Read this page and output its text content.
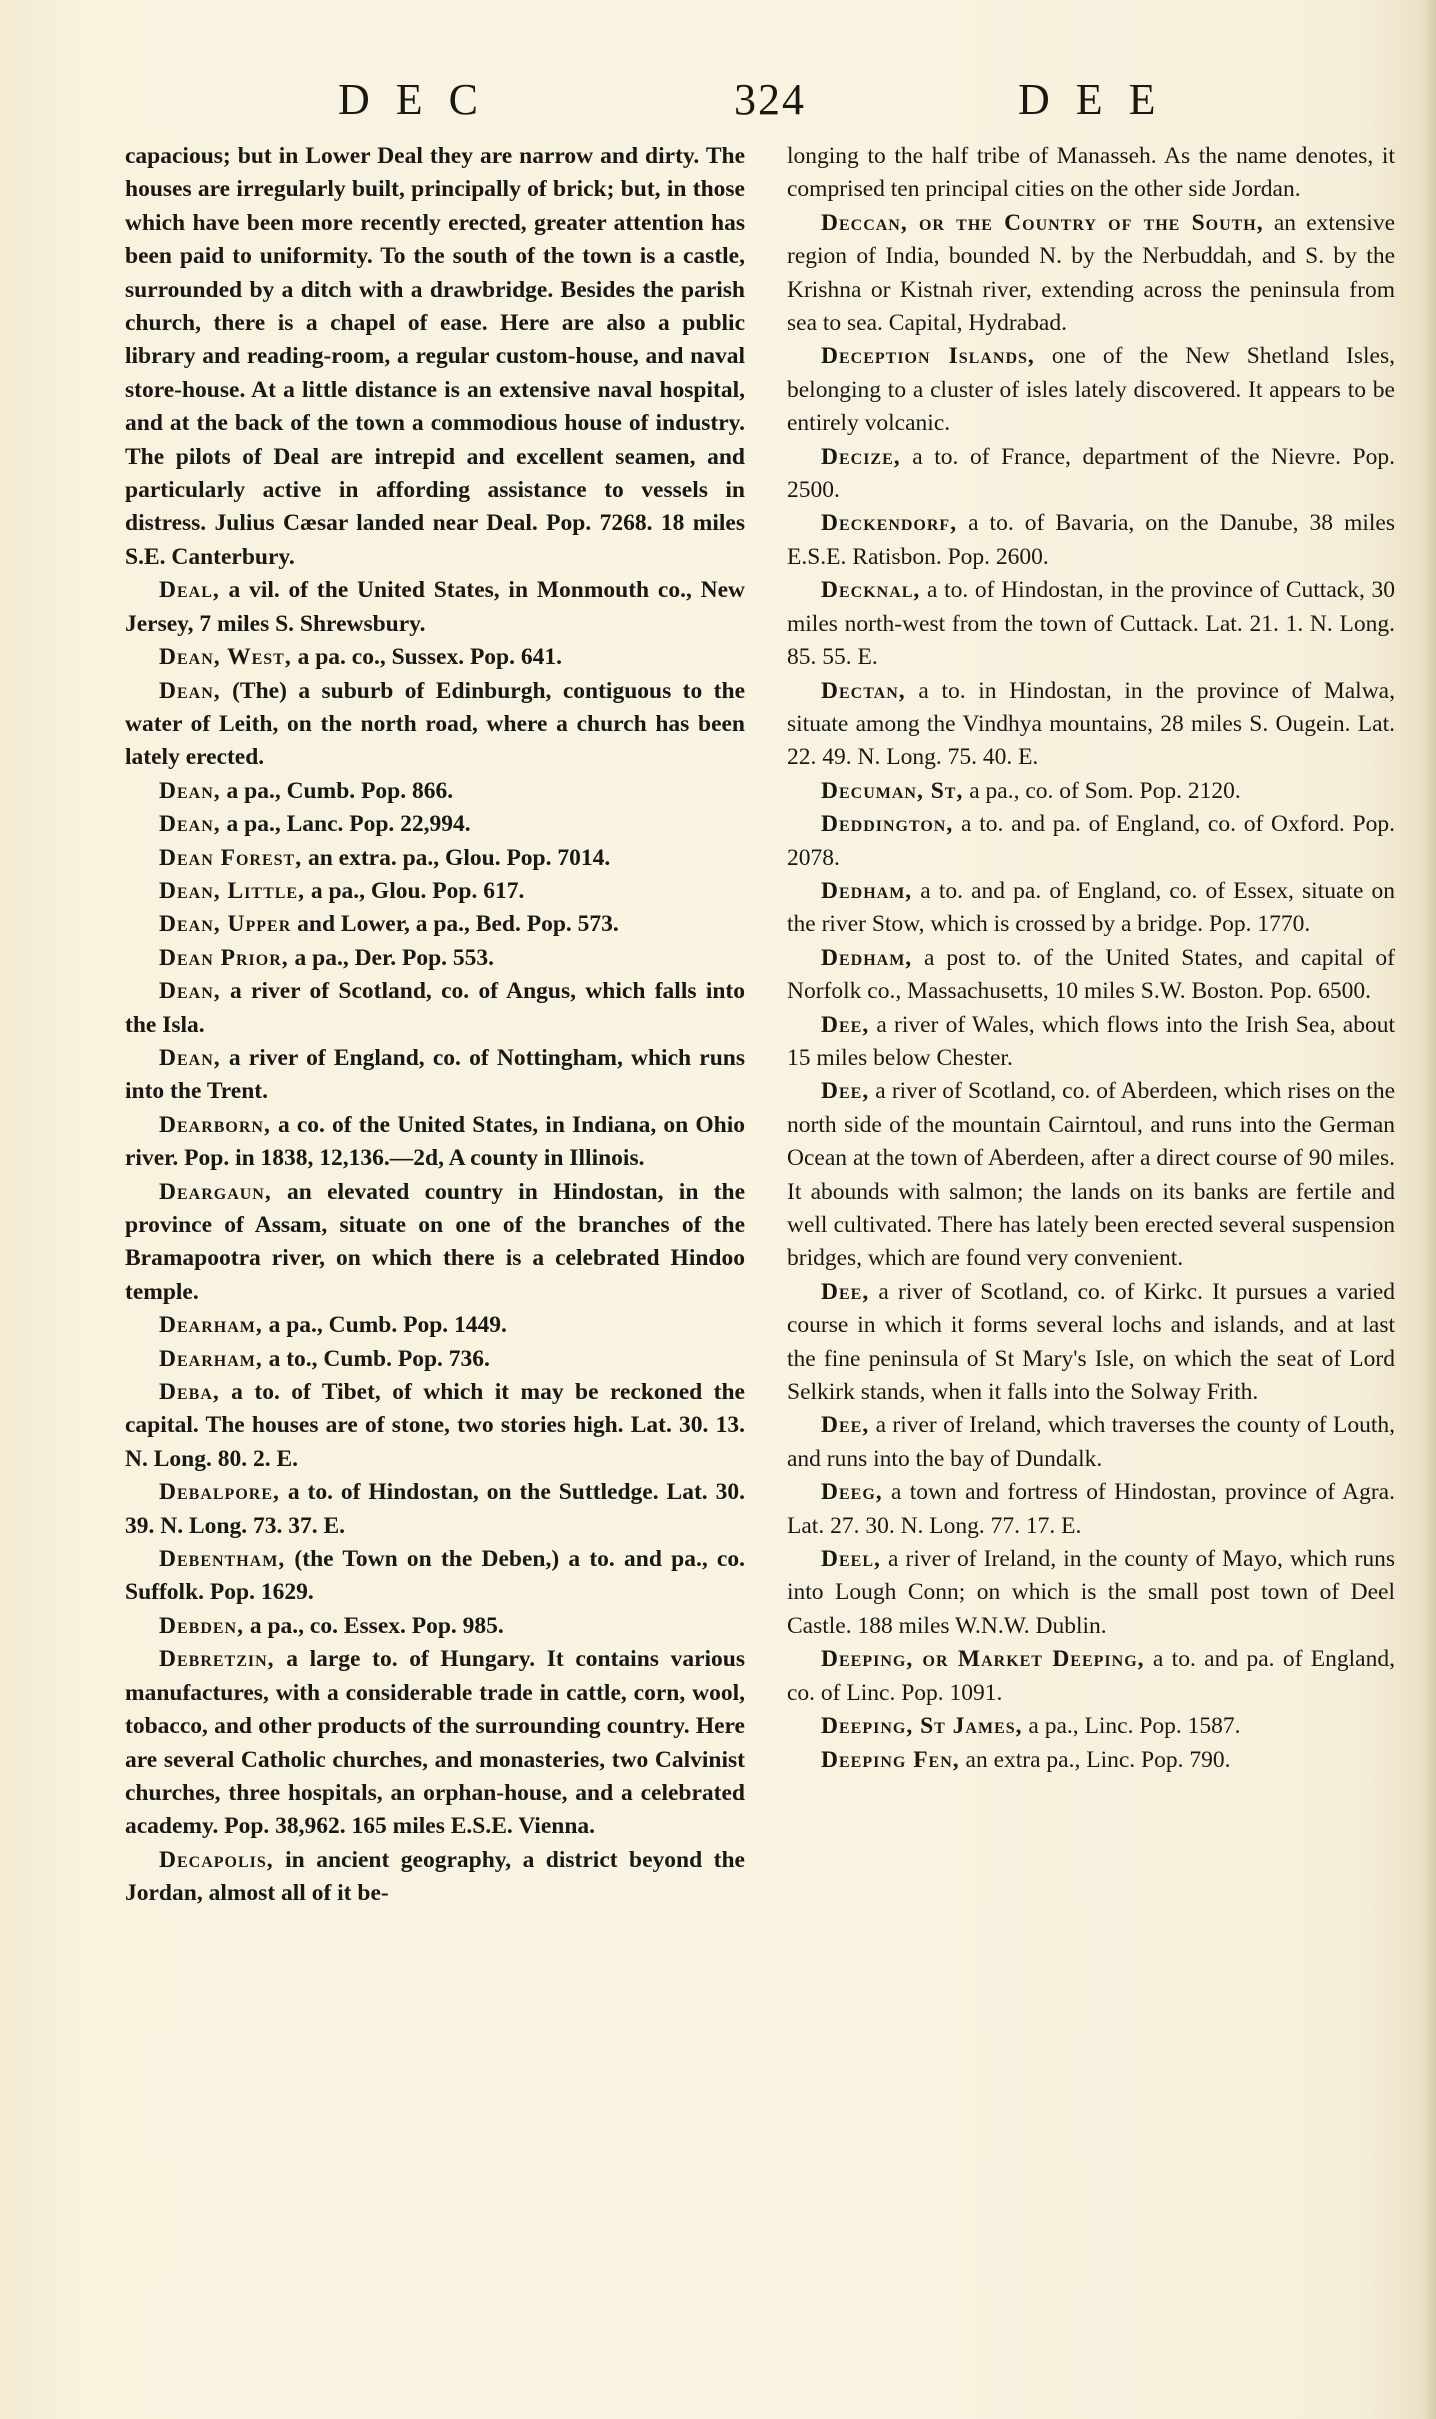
DEC	324	DEE

capacious; but in Lower Deal they are narrow and dirty. The houses are irregularly built, principally of brick; but, in those which have been more recently erected, greater attention has been paid to uniformity. To the south of the town is a castle, surrounded by a ditch with a drawbridge. Besides the parish church, there is a chapel of ease. Here are also a public library and reading-room, a regular custom-house, and naval store-house. At a little distance is an extensive naval hospital, and at the back of the town a commodious house of industry. The pilots of Deal are intrepid and excellent seamen, and particularly active in affording assistance to vessels in distress. Julius Cæsar landed near Deal. Pop. 7268. 18 miles S.E. Canterbury.

Deal, a vil. of the United States, in Monmouth co., New Jersey, 7 miles S. Shrewsbury.

Dean, West, a pa. co., Sussex. Pop. 641.

Dean, (The) a suburb of Edinburgh, contiguous to the water of Leith, on the north road, where a church has been lately erected.

Dean, a pa., Cumb. Pop. 866.

Dean, a pa., Lanc. Pop. 22,994.

Dean Forest, an extra. pa., Glou. Pop. 7014.

Dean, Little, a pa., Glou. Pop. 617.

Dean, Upper and Lower, a pa., Bed. Pop. 573.

Dean Prior, a pa., Der. Pop. 553.

Dean, a river of Scotland, co. of Angus, which falls into the Isla.

Dean, a river of England, co. of Nottingham, which runs into the Trent.

Dearborn, a co. of the United States, in Indiana, on Ohio river. Pop. in 1838, 12,136.—2d, A county in Illinois.

Deargaun, an elevated country in Hindostan, in the province of Assam, situate on one of the branches of the Bramapootra river, on which there is a celebrated Hindoo temple.

Dearham, a pa., Cumb. Pop. 1449.

Dearham, a to., Cumb. Pop. 736.

Deba, a to. of Tibet, of which it may be reckoned the capital. The houses are of stone, two stories high. Lat. 30. 13. N. Long. 80. 2. E.

Debalpore, a to. of Hindostan, on the Suttledge. Lat. 30. 39. N. Long. 73. 37. E.

Debentham, (the Town on the Deben,) a to. and pa., co. Suffolk. Pop. 1629.

Debden, a pa., co. Essex. Pop. 985.

Debretzin, a large to. of Hungary. It contains various manufactures, with a considerable trade in cattle, corn, wool, tobacco, and other products of the surrounding country. Here are several Catholic churches, and monasteries, two Calvinist churches, three hospitals, an orphan-house, and a celebrated academy. Pop. 38,962. 165 miles E.S.E. Vienna.

Decapolis, in ancient geography, a district beyond the Jordan, almost all of it be-

longing to the half tribe of Manasseh. As the name denotes, it comprised ten principal cities on the other side Jordan.

Deccan, or the Country of the South, an extensive region of India, bounded N. by the Nerbuddah, and S. by the Krishna or Kistnah river, extending across the peninsula from sea to sea. Capital, Hydrabad.

Deception Islands, one of the New Shetland Isles, belonging to a cluster of isles lately discovered. It appears to be entirely volcanic.

Decize, a to. of France, department of the Nievre. Pop. 2500.

Deckendorf, a to. of Bavaria, on the Danube, 38 miles E.S.E. Ratisbon. Pop. 2600.

Decknal, a to. of Hindostan, in the province of Cuttack, 30 miles north-west from the town of Cuttack. Lat. 21. 1. N. Long. 85. 55. E.

Dectan, a to. in Hindostan, in the province of Malwa, situate among the Vindhya mountains, 28 miles S. Ougein. Lat. 22. 49. N. Long. 75. 40. E.

Decuman, St, a pa., co. of Som. Pop. 2120.

Deddington, a to. and pa. of England, co. of Oxford. Pop. 2078.

Dedham, a to. and pa. of England, co. of Essex, situate on the river Stow, which is crossed by a bridge. Pop. 1770.

Dedham, a post to. of the United States, and capital of Norfolk co., Massachusetts, 10 miles S.W. Boston. Pop. 6500.

Dee, a river of Wales, which flows into the Irish Sea, about 15 miles below Chester.

Dee, a river of Scotland, co. of Aberdeen, which rises on the north side of the mountain Cairntoul, and runs into the German Ocean at the town of Aberdeen, after a direct course of 90 miles. It abounds with salmon; the lands on its banks are fertile and well cultivated. There has lately been erected several suspension bridges, which are found very convenient.

Dee, a river of Scotland, co. of Kirkc. It pursues a varied course in which it forms several lochs and islands, and at last the fine peninsula of St Mary's Isle, on which the seat of Lord Selkirk stands, when it falls into the Solway Frith.

Dee, a river of Ireland, which traverses the county of Louth, and runs into the bay of Dundalk.

Deeg, a town and fortress of Hindostan, province of Agra. Lat. 27. 30. N. Long. 77. 17. E.

Deel, a river of Ireland, in the county of Mayo, which runs into Lough Conn; on which is the small post town of Deel Castle. 188 miles W.N.W. Dublin.

Deeping, or Market Deeping, a to. and pa. of England, co. of Linc. Pop. 1091.

Deeping, St James, a pa., Linc. Pop. 1587.

Deeping Fen, an extra pa., Linc. Pop. 790.
